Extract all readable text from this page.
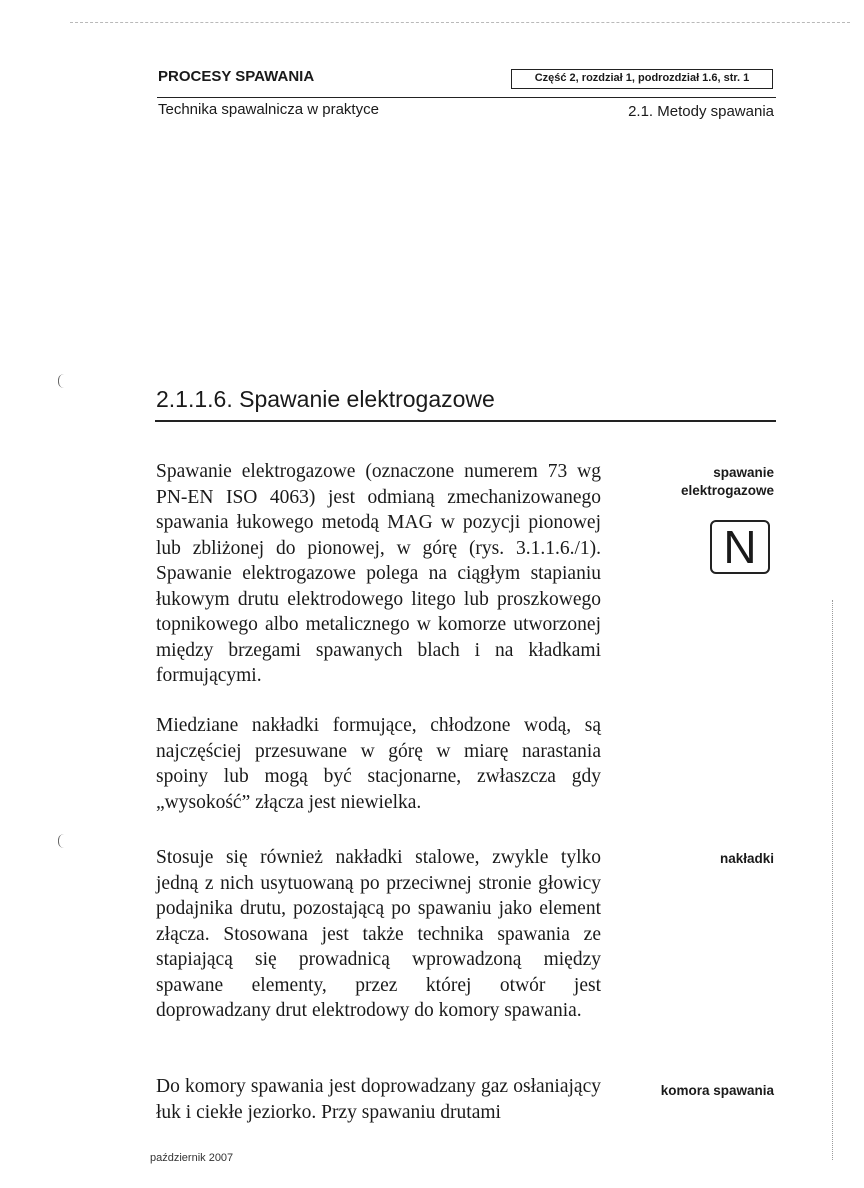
PROCESY SPAWANIA	Część 2, rozdział 1, podrozdział 1.6, str. 1
Technika spawalnicza w praktyce	2.1. Metody spawania
2.1.1.6. Spawanie elektrogazowe

Spawanie elektrogazowe (oznaczone numerem 73 wg PN-EN ISO 4063) jest odmianą zmechanizowanego spawania łukowego metodą MAG w pozycji pionowej lub zbliżonej do pionowej, w górę (rys. 3.1.1.6./1). Spawanie elektrogazowe polega na ciągłym stapianiu łukowym drutu elektrodowego litego lub proszkowego topnikowego albo metalicznego w komorze utworzonej między brzegami spawanych blach i na kładkami formującymi.

Miedziane nakładki formujące, chłodzone wodą, są najczęściej przesuwane w górę w miarę narastania spoiny lub mogą być stacjonarne, zwłaszcza gdy „wysokość” złącza jest niewielka.

Stosuje się również nakładki stalowe, zwykle tylko jedną z nich usytuowaną po przeciwnej stronie głowicy podajnika drutu, pozostającą po spawaniu jako element złącza. Stosowana jest także technika spawania ze stapiającą się prowadnicą wprowadzoną między spawane elementy, przez której otwór jest doprowadzany drut elektrodowy do komory spawania.

Do komory spawania jest doprowadzany gaz osłaniający łuk i ciekłe jeziorko. Przy spawaniu drutami

spawanie
elektrogazowe
N
nakładki
komora spawania
październik 2007
